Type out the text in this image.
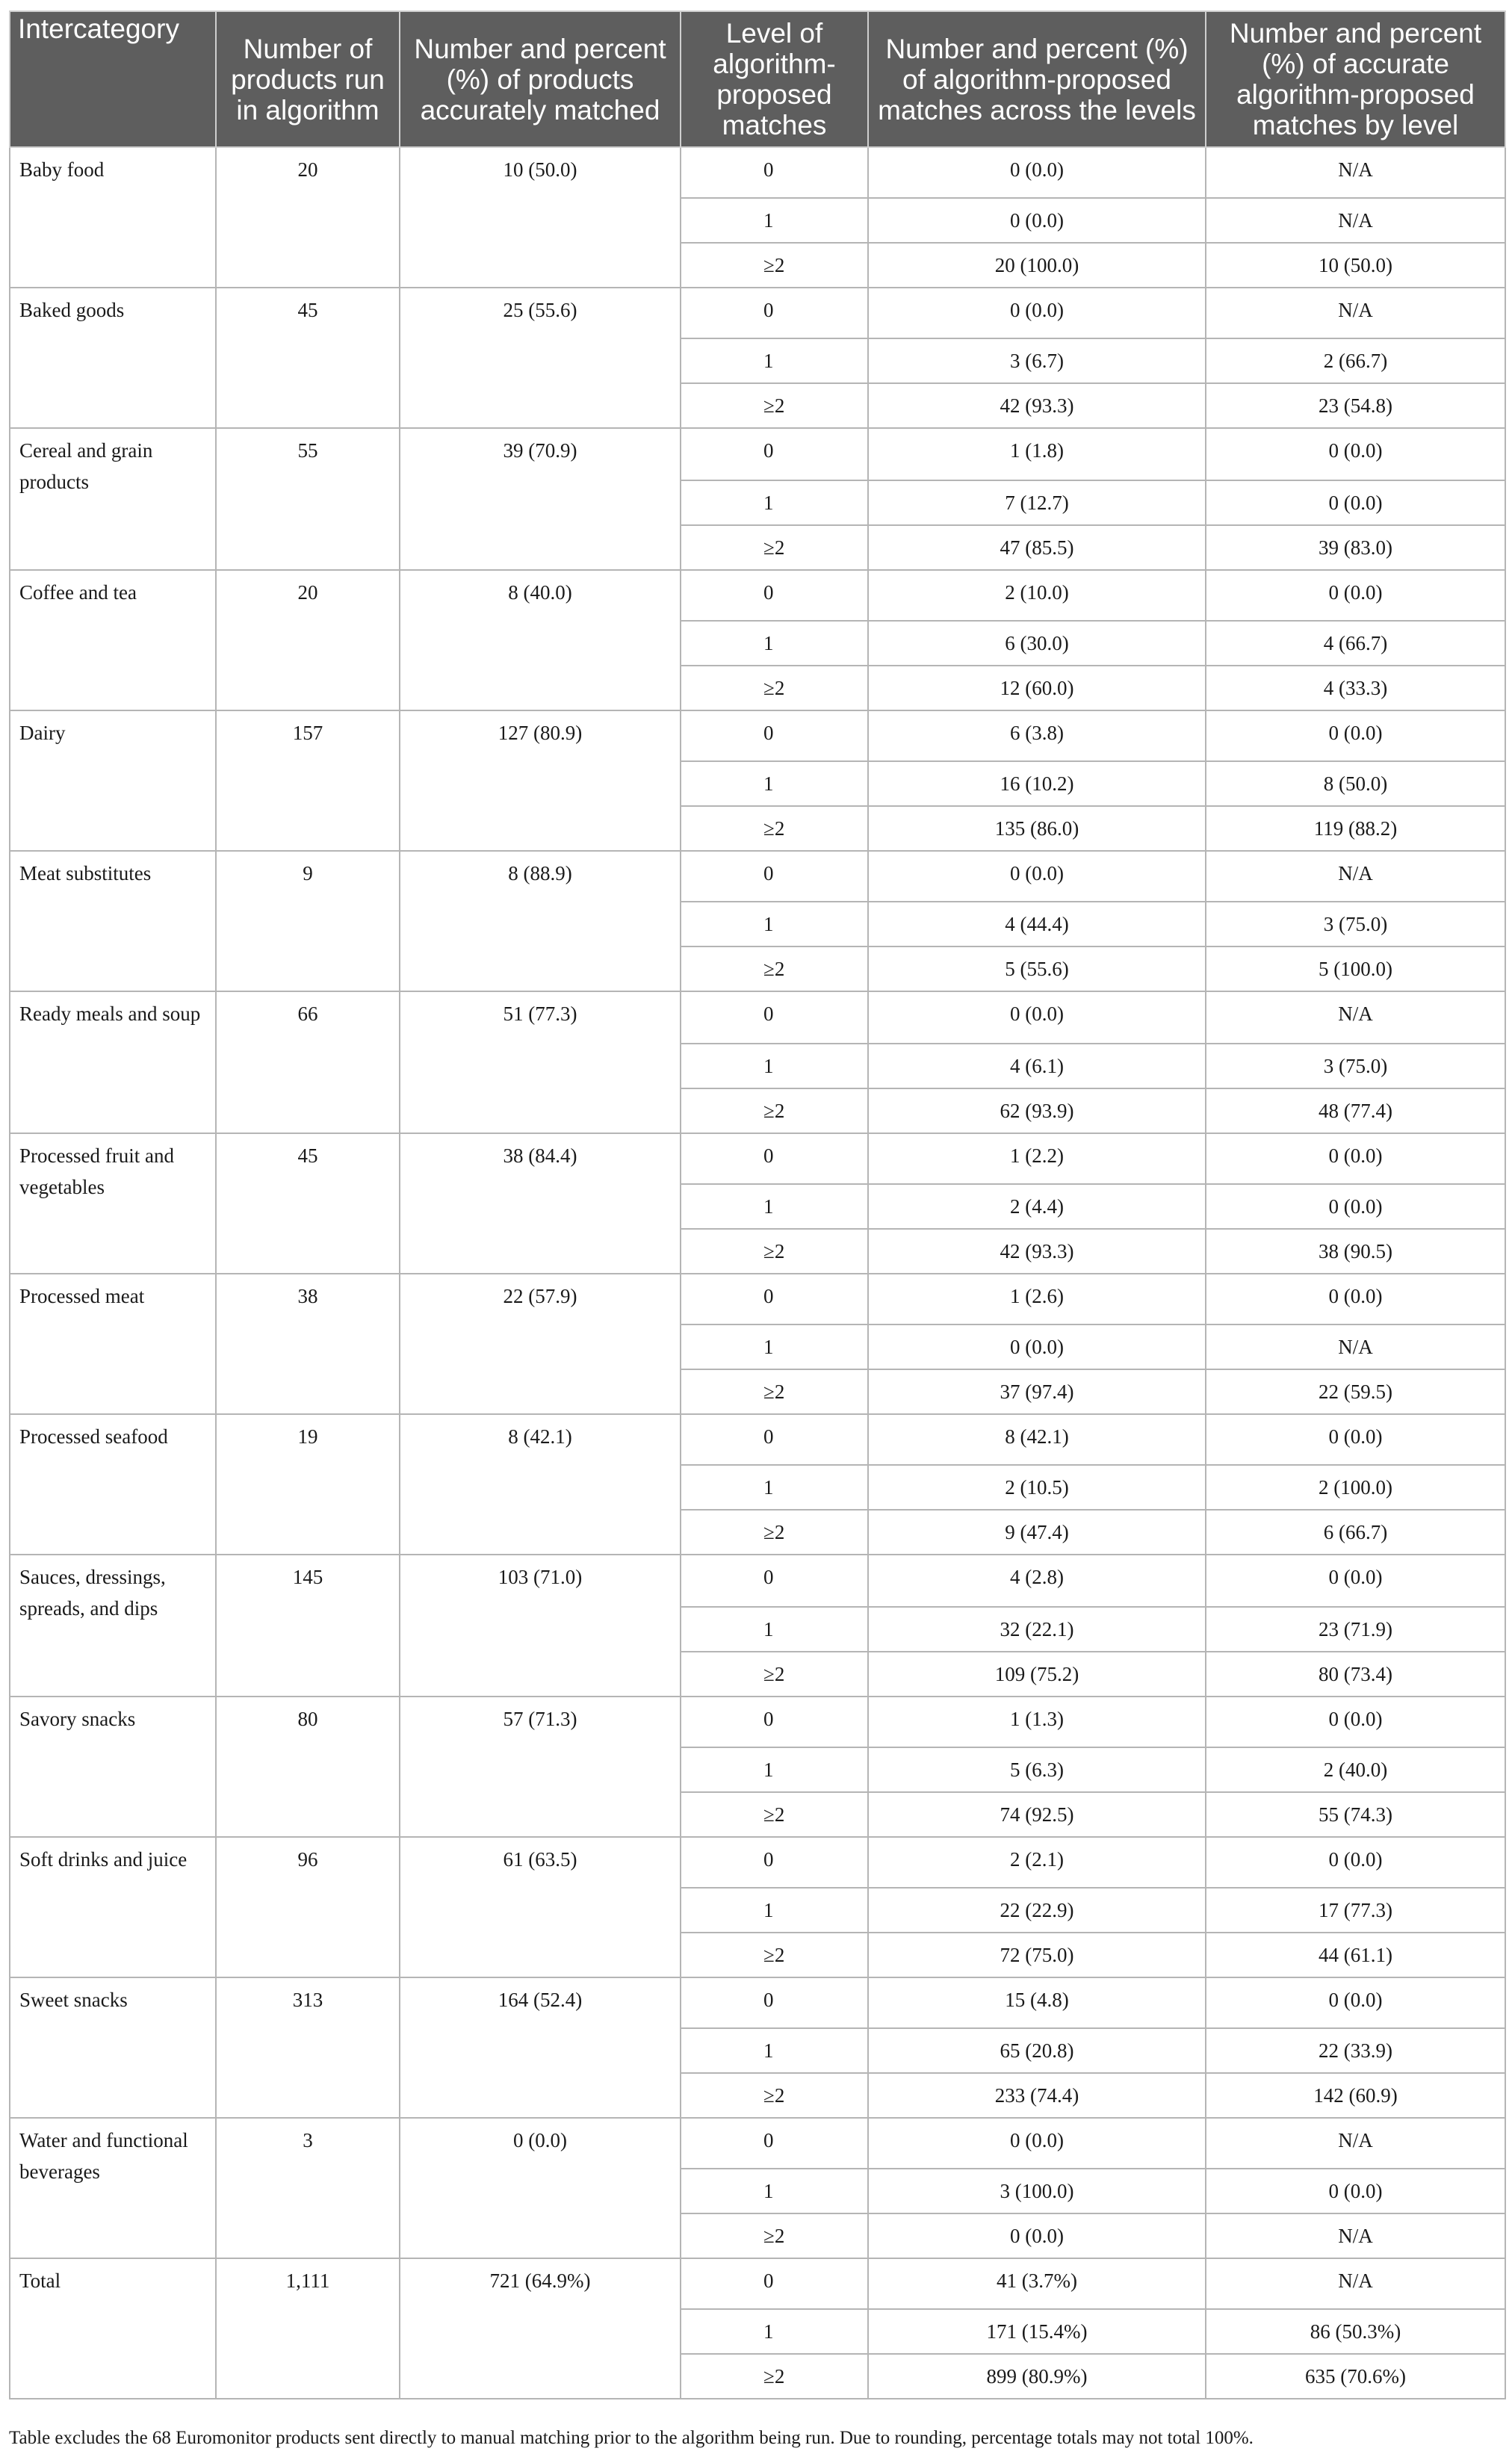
Intercategory	Number of products run in algorithm	Number and percent (%) of products accurately matched	Level of algorithm-proposed matches	Number and percent (%) of algorithm-proposed matches across the levels	Number and percent (%) of accurate algorithm-proposed matches by level
Baby food	20	10 (50.0)	0	0 (0.0)	N/A
			1	0 (0.0)	N/A
			≥2	20 (100.0)	10 (50.0)
Baked goods	45	25 (55.6)	0	0 (0.0)	N/A
			1	3 (6.7)	2 (66.7)
			≥2	42 (93.3)	23 (54.8)
Cereal and grain products	55	39 (70.9)	0	1 (1.8)	0 (0.0)
			1	7 (12.7)	0 (0.0)
			≥2	47 (85.5)	39 (83.0)
Coffee and tea	20	8 (40.0)	0	2 (10.0)	0 (0.0)
			1	6 (30.0)	4 (66.7)
			≥2	12 (60.0)	4 (33.3)
Dairy	157	127 (80.9)	0	6 (3.8)	0 (0.0)
			1	16 (10.2)	8 (50.0)
			≥2	135 (86.0)	119 (88.2)
Meat substitutes	9	8 (88.9)	0	0 (0.0)	N/A
			1	4 (44.4)	3 (75.0)
			≥2	5 (55.6)	5 (100.0)
Ready meals and soup	66	51 (77.3)	0	0 (0.0)	N/A
			1	4 (6.1)	3 (75.0)
			≥2	62 (93.9)	48 (77.4)
Processed fruit and vegetables	45	38 (84.4)	0	1 (2.2)	0 (0.0)
			1	2 (4.4)	0 (0.0)
			≥2	42 (93.3)	38 (90.5)
Processed meat	38	22 (57.9)	0	1 (2.6)	0 (0.0)
			1	0 (0.0)	N/A
			≥2	37 (97.4)	22 (59.5)
Processed seafood	19	8 (42.1)	0	8 (42.1)	0 (0.0)
			1	2 (10.5)	2 (100.0)
			≥2	9 (47.4)	6 (66.7)
Sauces, dressings, spreads, and dips	145	103 (71.0)	0	4 (2.8)	0 (0.0)
			1	32 (22.1)	23 (71.9)
			≥2	109 (75.2)	80 (73.4)
Savory snacks	80	57 (71.3)	0	1 (1.3)	0 (0.0)
			1	5 (6.3)	2 (40.0)
			≥2	74 (92.5)	55 (74.3)
Soft drinks and juice	96	61 (63.5)	0	2 (2.1)	0 (0.0)
			1	22 (22.9)	17 (77.3)
			≥2	72 (75.0)	44 (61.1)
Sweet snacks	313	164 (52.4)	0	15 (4.8)	0 (0.0)
			1	65 (20.8)	22 (33.9)
			≥2	233 (74.4)	142 (60.9)
Water and functional beverages	3	0 (0.0)	0	0 (0.0)	N/A
			1	3 (100.0)	0 (0.0)
			≥2	0 (0.0)	N/A
Total	1,111	721 (64.9%)	0	41 (3.7%)	N/A
			1	171 (15.4%)	86 (50.3%)
			≥2	899 (80.9%)	635 (70.6%)
Table excludes the 68 Euromonitor products sent directly to manual matching prior to the algorithm being run. Due to rounding, percentage totals may not total 100%.
